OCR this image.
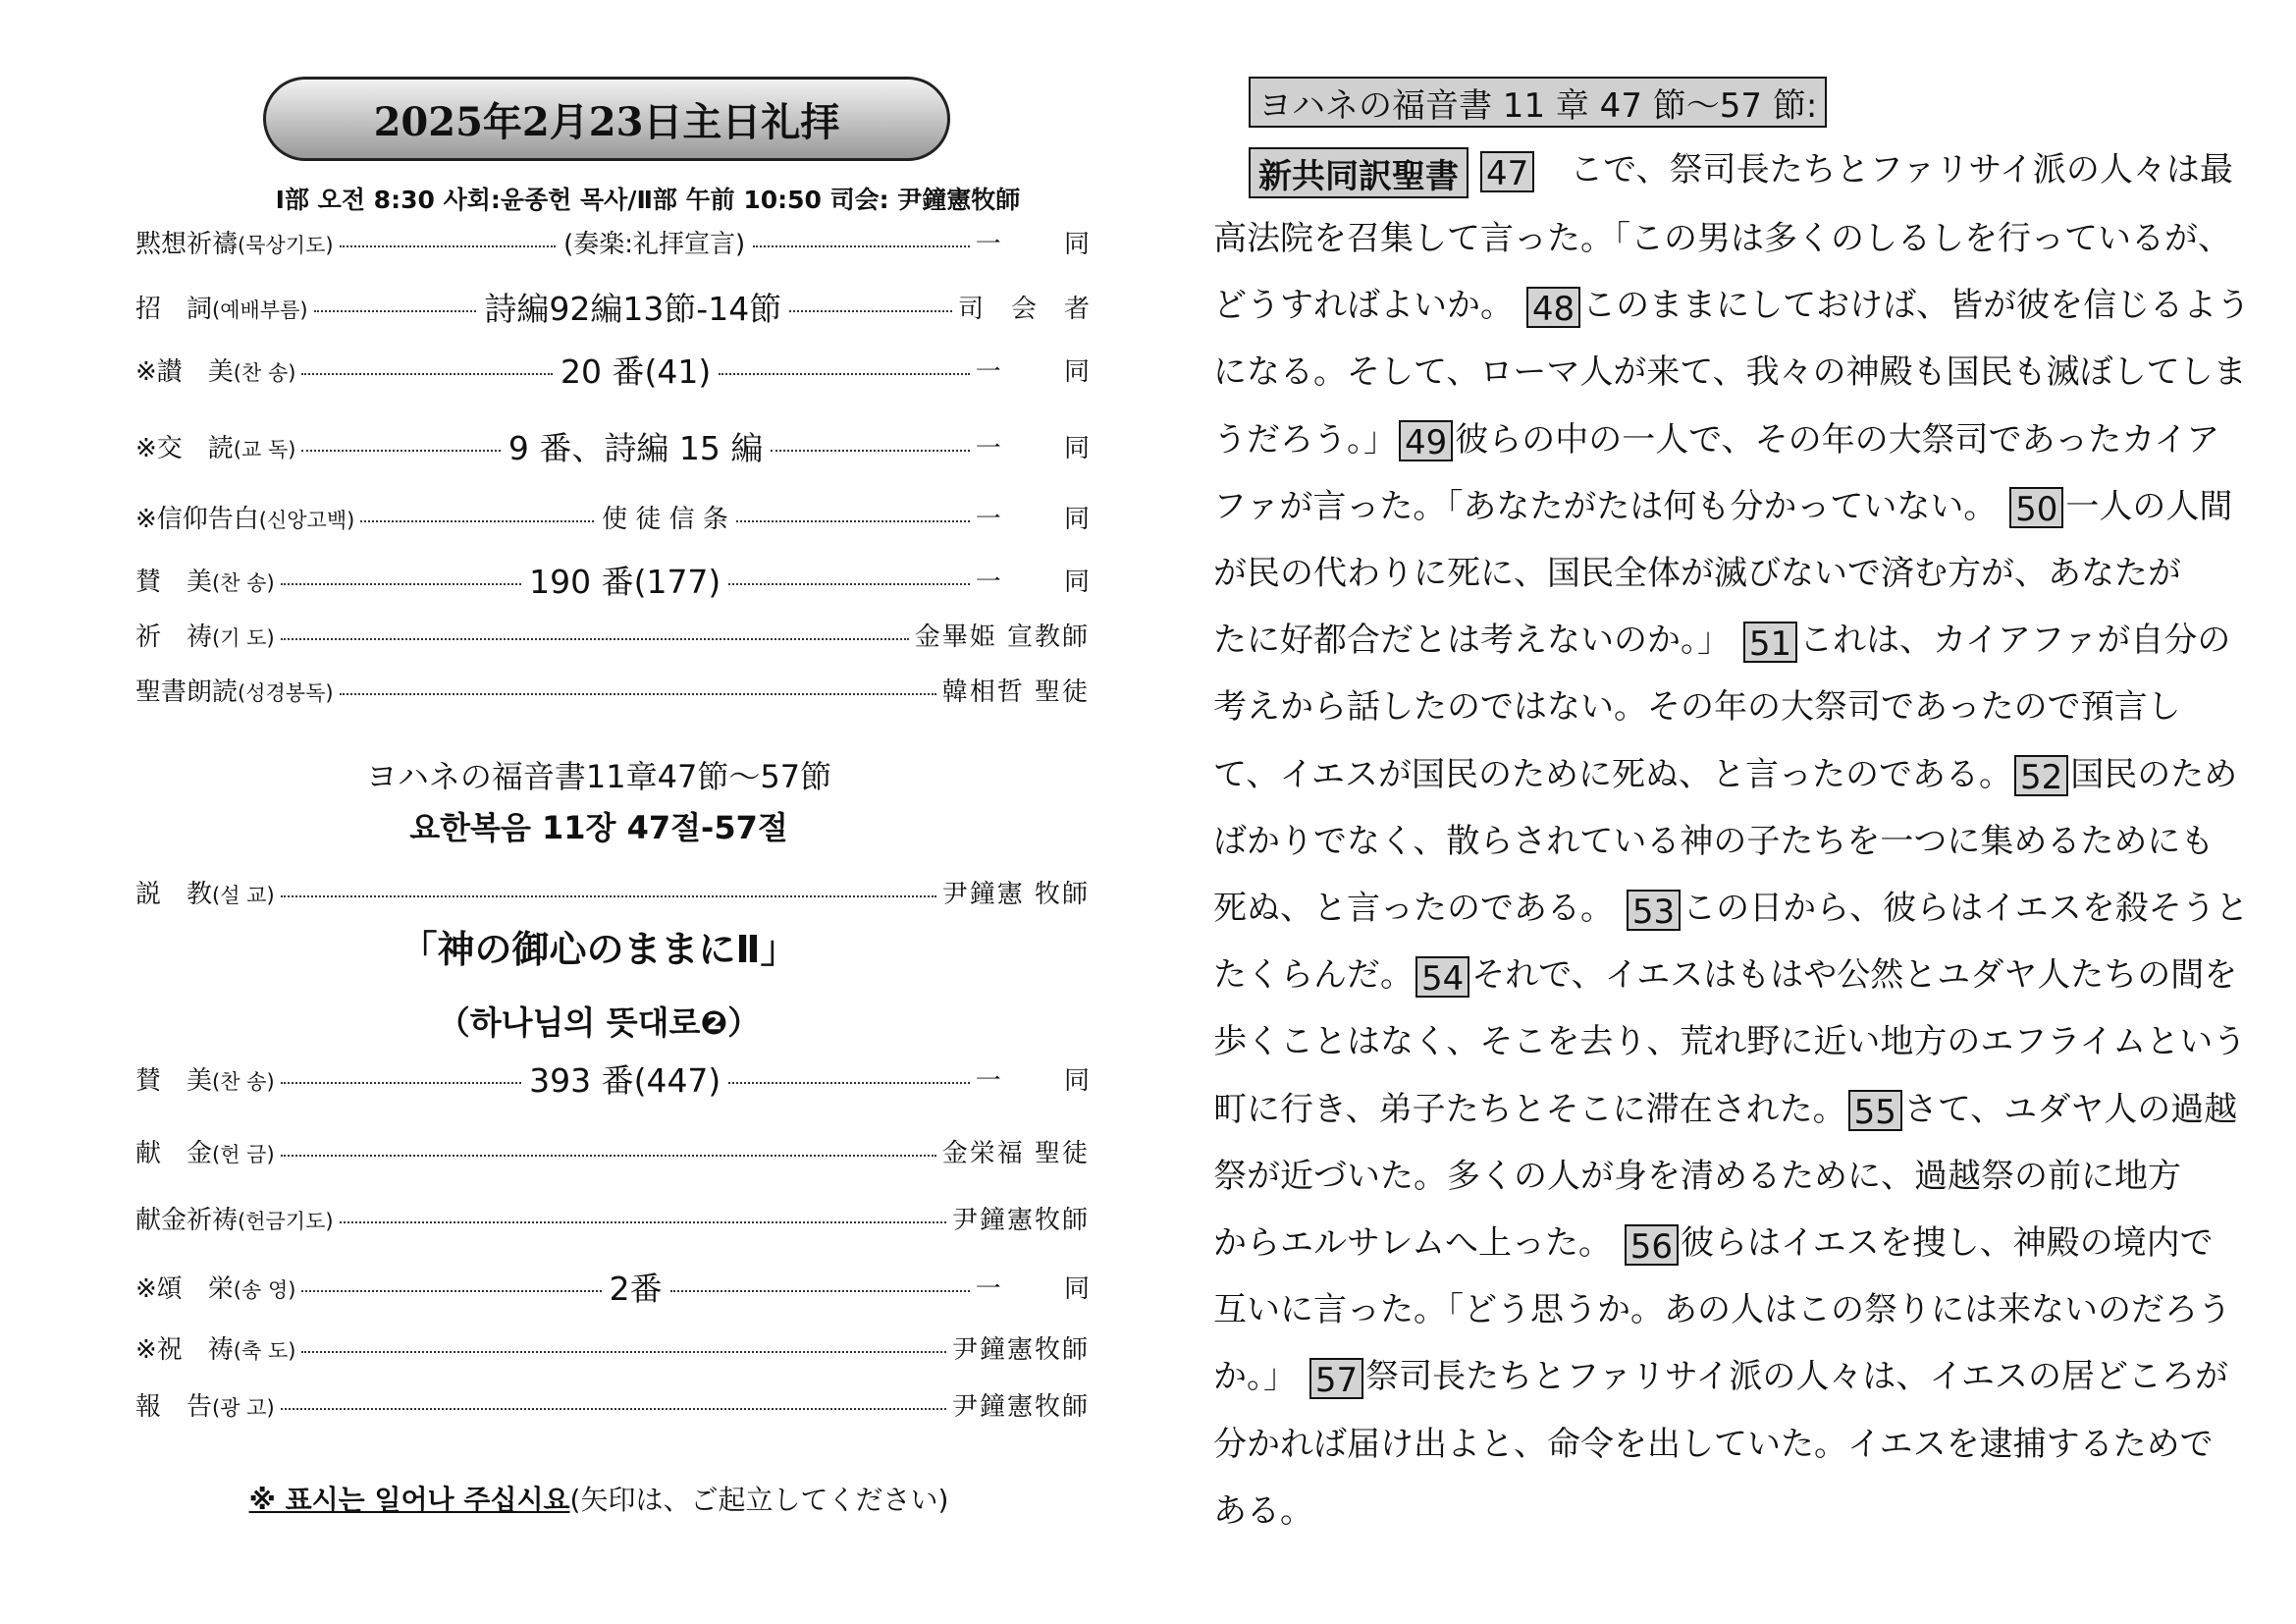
2025年2月23日主日礼拝
Ⅰ部 오전 8:30 사회:윤종헌 목사/Ⅱ部 午前 10:50 司会: 尹鐘憲牧師
黙想祈禱(묵상기도)	(奏楽:礼拝宣言)	一 同
招　詞(예배부름)	詩編92編13節-14節	司会者
※讃　美(찬 송)	20 番(41)	一 同
※交　読(교 독)	9 番、詩編 15 編	一 同
※信仰告白(신앙고백)	使 徒 信 条	一 同
賛　美(찬 송)	190 番(177)	一 同
祈　祷(기 도)	金畢姫 宣教師
聖書朗読(성경봉독)	韓相哲 聖徒
ヨハネの福音書11章47節～57節
요한복음 11장 47절-57절
説　教(설 교)	尹鐘憲 牧師
「神の御心のままにⅡ」
（하나님의 뜻대로❷）
賛　美(찬 송)	393 番(447)	一 同
献　金(헌 금)	金栄福 聖徒
献金祈祷(헌금기도)	尹鐘憲牧師
※頌　栄(송 영)	2番	一 同
※祝　祷(축 도)	尹鐘憲牧師
報　告(광 고)	尹鐘憲牧師
※ 표시는 일어나 주십시요(矢印は、ご起立してください)
ヨハネの福音書 11 章 47 節～57 節:
新共同訳聖書 47　こで、祭司長たちとファリサイ派の人々は最
高法院を召集して言った。「この男は多くのしるしを行っているが、
どうすればよいか。 48 このままにしておけば、皆が彼を信じるよう
になる。そして、ローマ人が来て、我々の神殿も国民も滅ぼしてしま
うだろう。」 49 彼らの中の一人で、その年の大祭司であったカイア
ファが言った。「あなたがたは何も分かっていない。 50 一人の人間
が民の代わりに死に、国民全体が滅びないで済む方が、あなたが
たに好都合だとは考えないのか。」 51 これは、カイアファが自分の
考えから話したのではない。その年の大祭司であったので預言し
て、イエスが国民のために死ぬ、と言ったのである。 52 国民のため
ばかりでなく、散らされている神の子たちを一つに集めるためにも
死ぬ、と言ったのである。 53 この日から、彼らはイエスを殺そうと
たくらんだ。 54 それで、イエスはもはや公然とユダヤ人たちの間を
歩くことはなく、そこを去り、荒れ野に近い地方のエフライムという
町に行き、弟子たちとそこに滞在された。 55 さて、ユダヤ人の過越
祭が近づいた。多くの人が身を清めるために、過越祭の前に地方
からエルサレムへ上った。 56 彼らはイエスを捜し、神殿の境内で
互いに言った。「どう思うか。あの人はこの祭りには来ないのだろう
か。」 57 祭司長たちとファリサイ派の人々は、イエスの居どころが
分かれば届け出よと、命令を出していた。イエスを逮捕するためで
ある。
